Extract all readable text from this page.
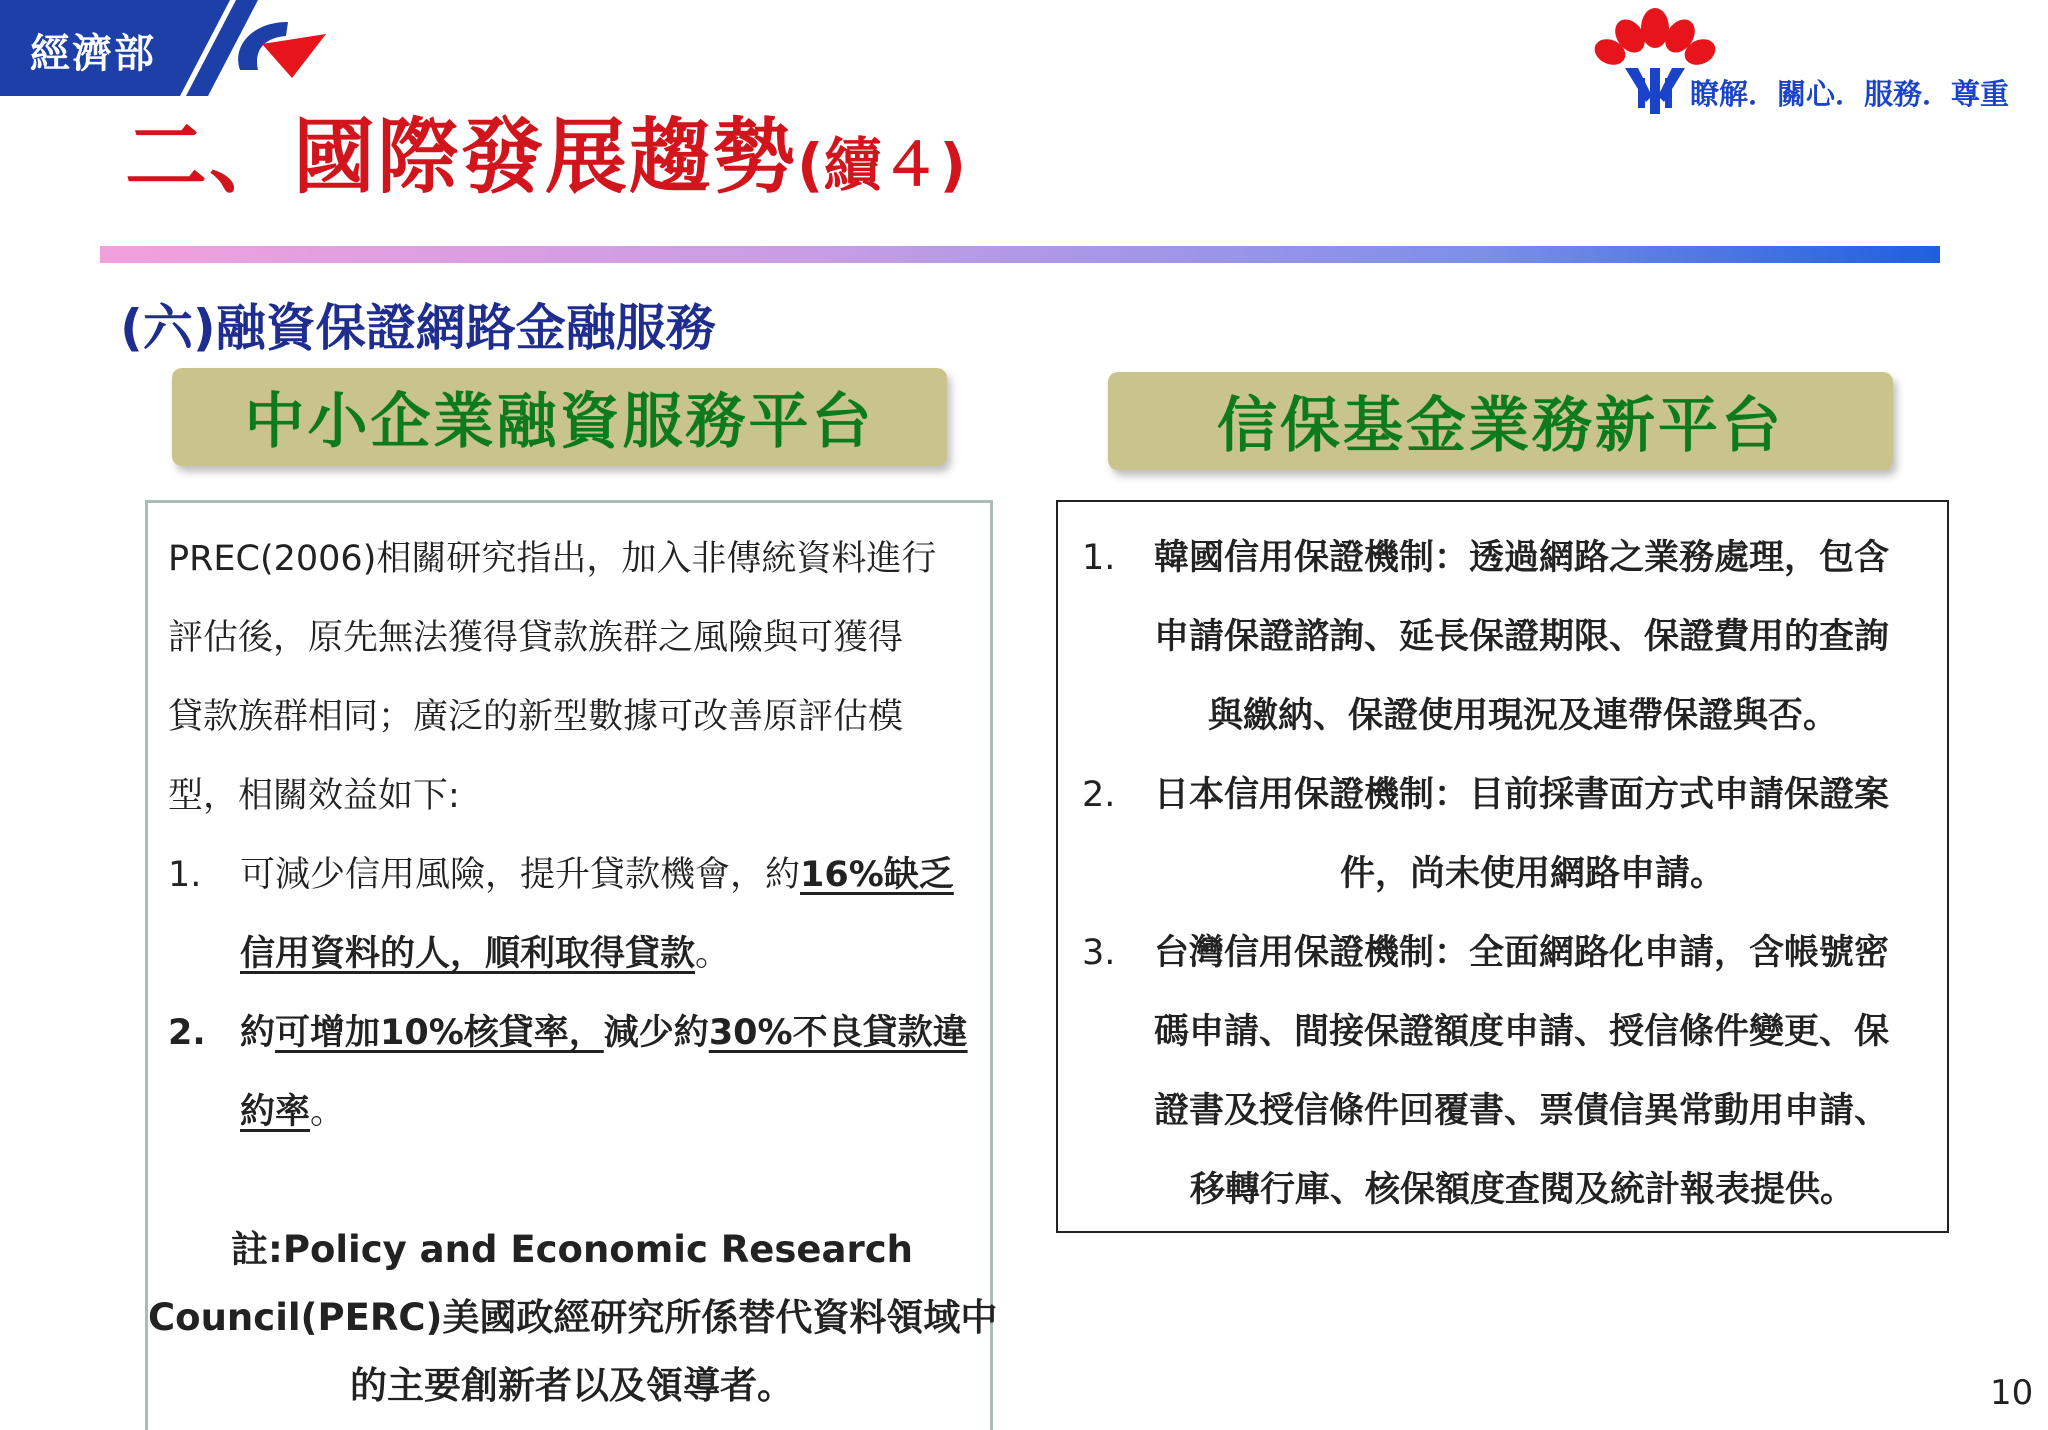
經濟部
二、國際發展趨勢(續４)
瞭解．關心．服務．尊重
(六)融資保證網路金融服務
中小企業融資服務平台	信保基金業務新平台
PREC(2006)相關研究指出，加入非傳統資料進行
評估後，原先無法獲得貸款族群之風險與可獲得
貸款族群相同；廣泛的新型數據可改善原評估模
型，相關效益如下:
1. 可減少信用風險，提升貸款機會，約16%缺乏
信用資料的人，順利取得貸款。
2. 約可增加10%核貸率，減少約30%不良貸款違
約率。
註:Policy and Economic Research
Council(PERC)美國政經研究所係替代資料領域中
的主要創新者以及領導者。
1. 韓國信用保證機制：透過網路之業務處理，包含
申請保證諮詢、延長保證期限、保證費用的查詢
與繳納、保證使用現況及連帶保證與否。
2. 日本信用保證機制：目前採書面方式申請保證案
件，尚未使用網路申請。
3. 台灣信用保證機制：全面網路化申請，含帳號密
碼申請、間接保證額度申請、授信條件變更、保
證書及授信條件回覆書、票債信異常動用申請、
移轉行庫、核保額度查閱及統計報表提供。
10
